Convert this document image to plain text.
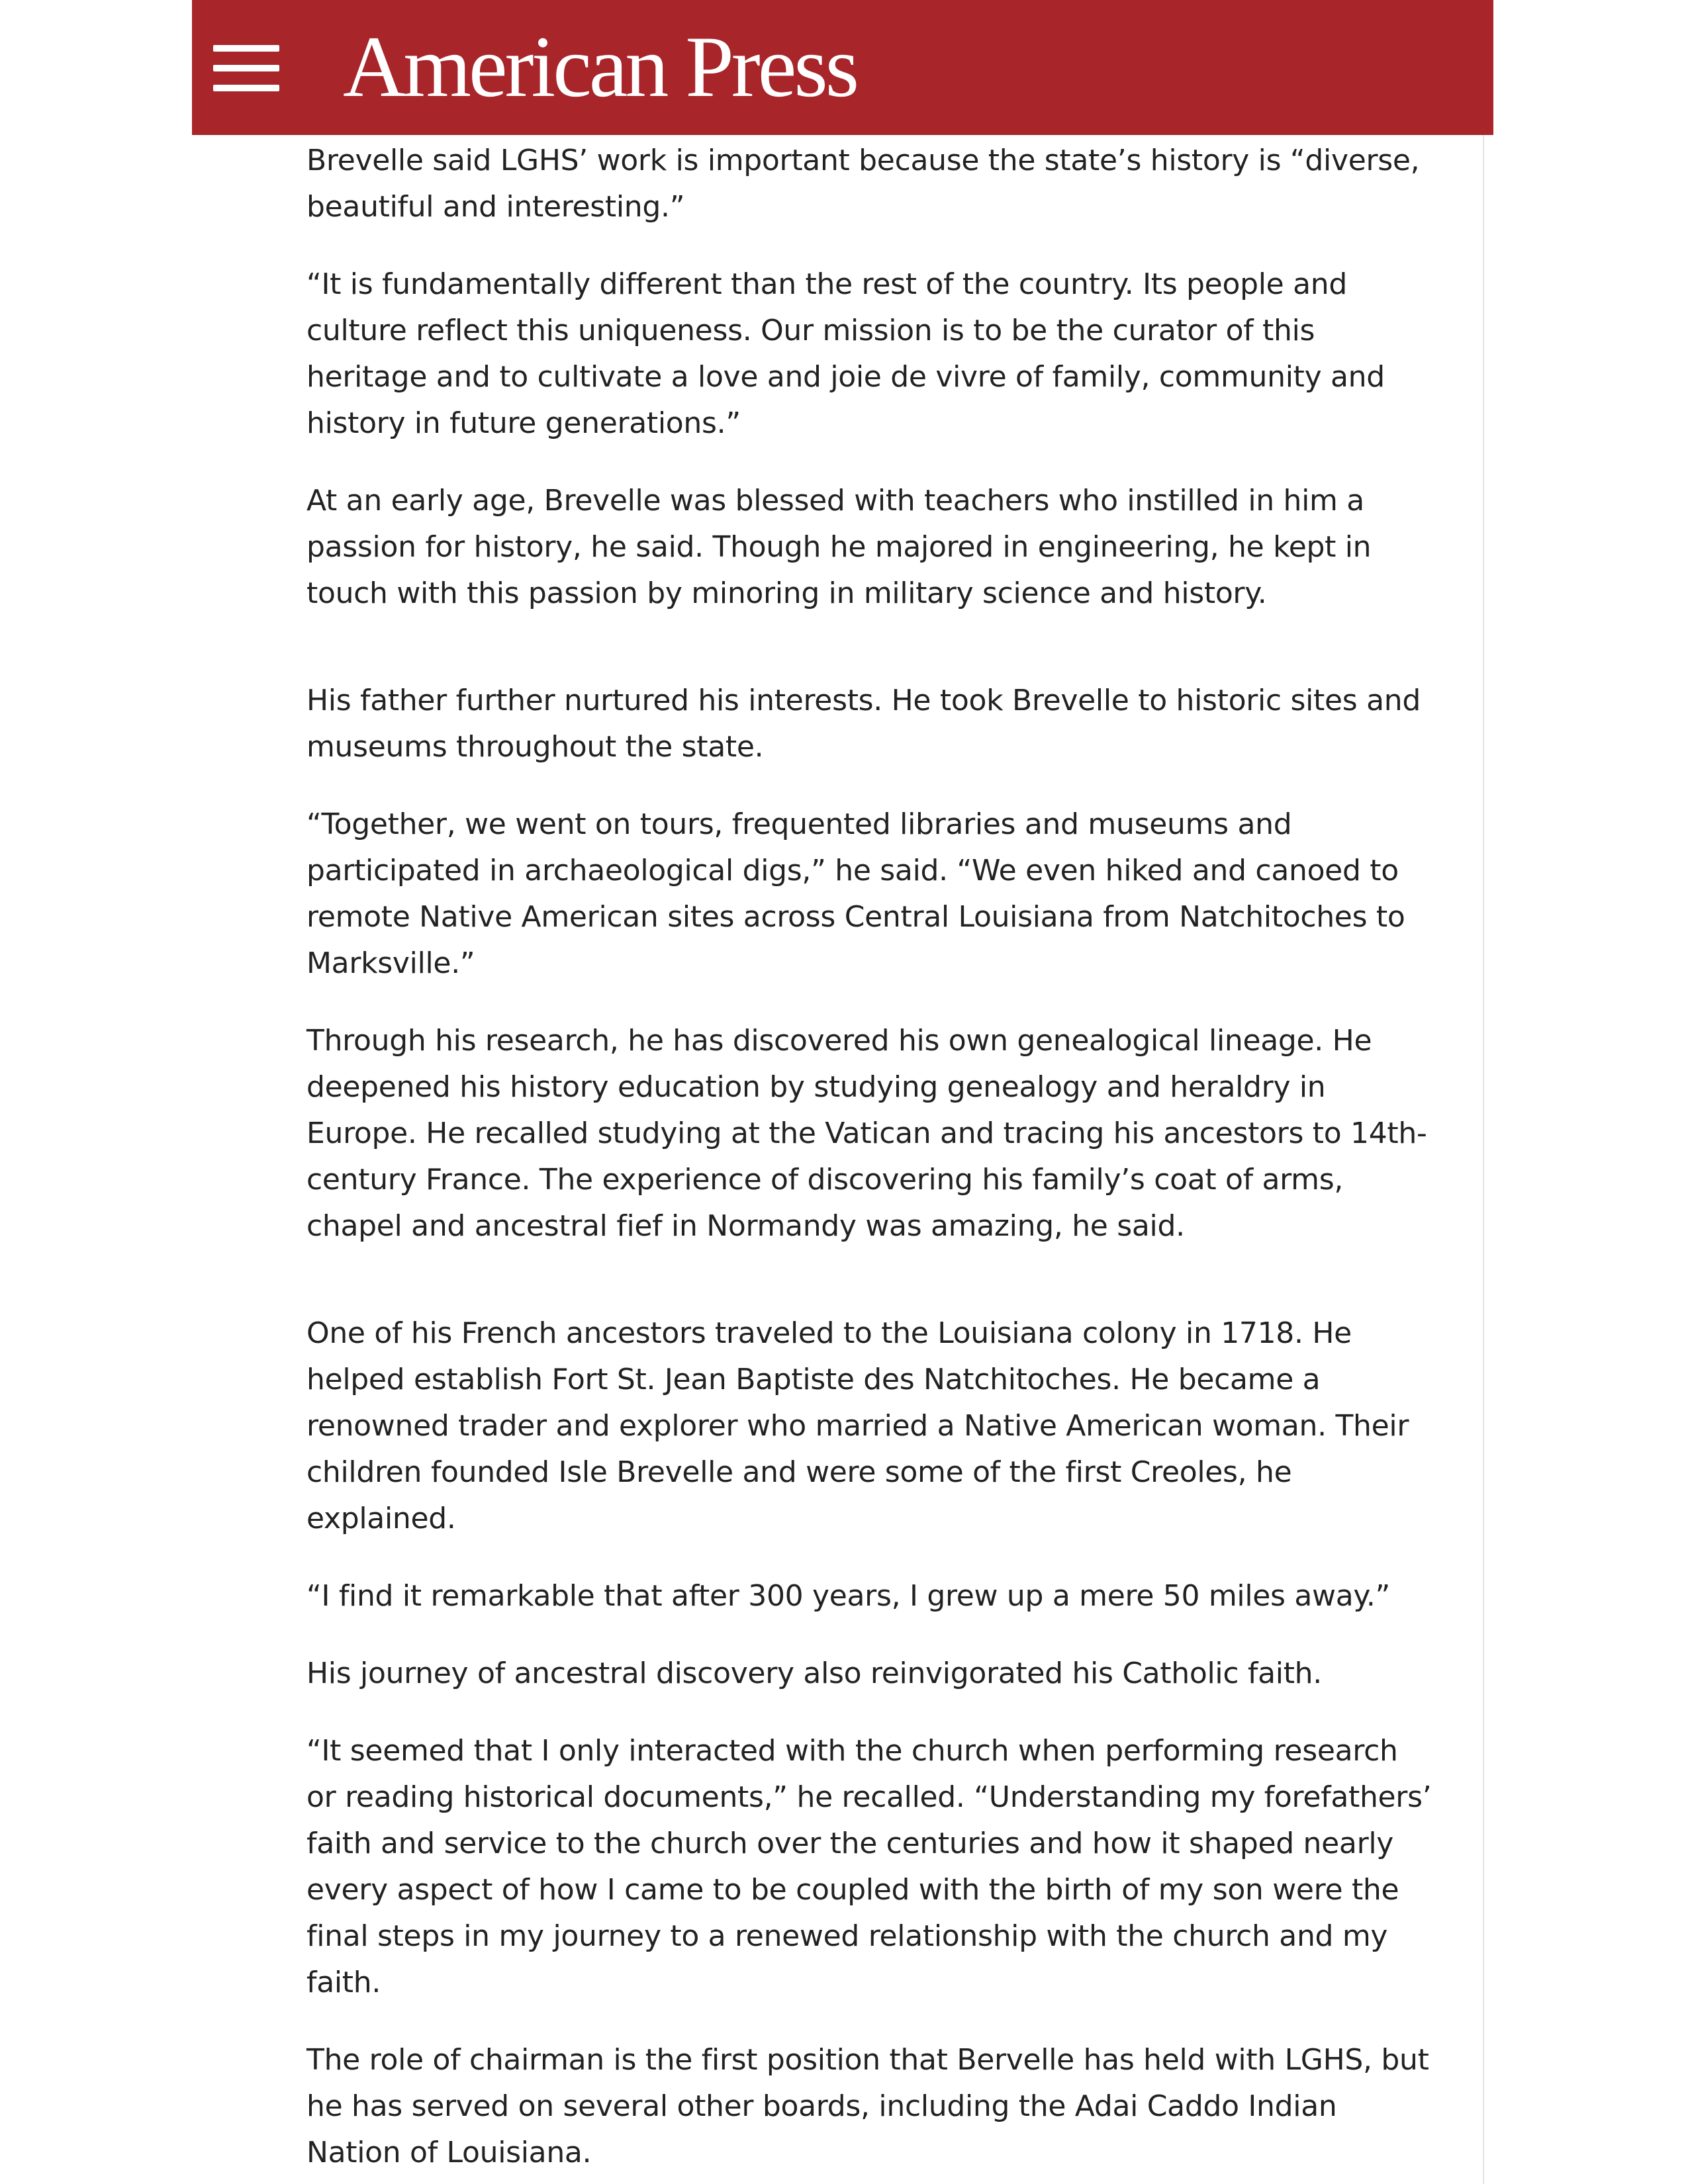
American Press

Brevelle said LGHS’ work is important because the state’s history is “diverse, beautiful and interesting.”

“It is fundamentally different than the rest of the country. Its people and culture reflect this uniqueness. Our mission is to be the curator of this heritage and to cultivate a love and joie de vivre of family, community and history in future generations.”

At an early age, Brevelle was blessed with teachers who instilled in him a passion for history, he said. Though he majored in engineering, he kept in touch with this passion by minoring in military science and history.

His father further nurtured his interests. He took Brevelle to historic sites and museums throughout the state.

“Together, we went on tours, frequented libraries and museums and participated in archaeological digs,” he said. “We even hiked and canoed to remote Native American sites across Central Louisiana from Natchitoches to Marksville.”

Through his research, he has discovered his own genealogical lineage. He deepened his history education by studying genealogy and heraldry in Europe. He recalled studying at the Vatican and tracing his ancestors to 14th-century France. The experience of discovering his family’s coat of arms, chapel and ancestral fief in Normandy was amazing, he said.

One of his French ancestors traveled to the Louisiana colony in 1718. He helped establish Fort St. Jean Baptiste des Natchitoches. He became a renowned trader and explorer who married a Native American woman. Their children founded Isle Brevelle and were some of the first Creoles, he explained.

“I find it remarkable that after 300 years, I grew up a mere 50 miles away.”

His journey of ancestral discovery also reinvigorated his Catholic faith.

“It seemed that I only interacted with the church when performing research or reading historical documents,” he recalled. “Understanding my forefathers’ faith and service to the church over the centuries and how it shaped nearly every aspect of how I came to be coupled with the birth of my son were the final steps in my journey to a renewed relationship with the church and my faith.

The role of chairman is the first position that Bervelle has held with LGHS, but he has served on several other boards, including the Adai Caddo Indian Nation of Louisiana.
